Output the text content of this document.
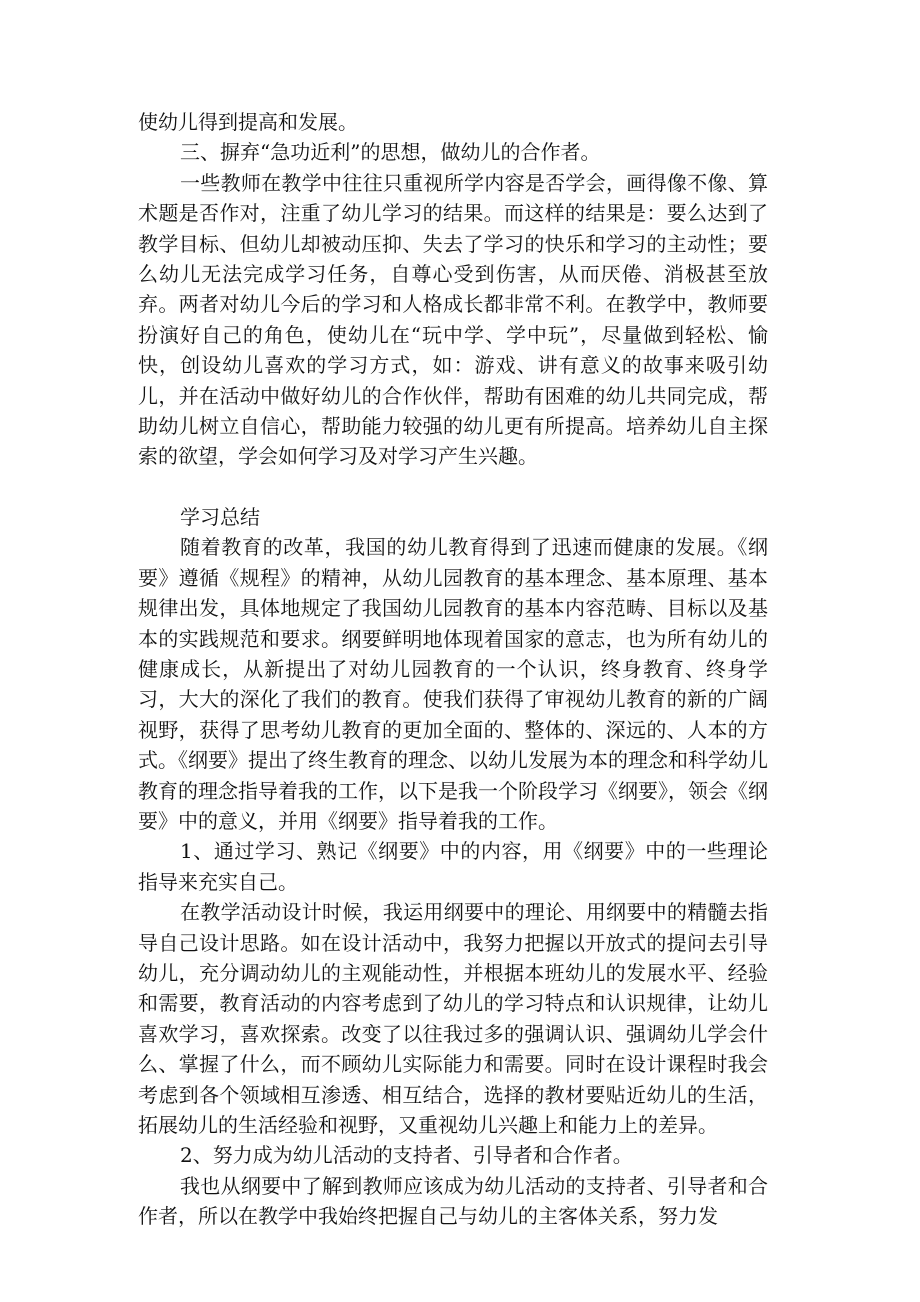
使幼儿得到提高和发展。

三、摒弃“急功近利”的思想，做幼儿的合作者。

一些教师在教学中往往只重视所学内容是否学会，画得像不像、算术题是否作对，注重了幼儿学习的结果。而这样的结果是：要么达到了教学目标、但幼儿却被动压抑、失去了学习的快乐和学习的主动性；要么幼儿无法完成学习任务，自尊心受到伤害，从而厌倦、消极甚至放弃。两者对幼儿今后的学习和人格成长都非常不利。在教学中，教师要扮演好自己的角色，使幼儿在“玩中学、学中玩”，尽量做到轻松、愉快，创设幼儿喜欢的学习方式，如：游戏、讲有意义的故事来吸引幼儿，并在活动中做好幼儿的合作伙伴，帮助有困难的幼儿共同完成，帮助幼儿树立自信心，帮助能力较强的幼儿更有所提高。培养幼儿自主探索的欲望，学会如何学习及对学习产生兴趣。

学习总结

随着教育的改革，我国的幼儿教育得到了迅速而健康的发展。《纲要》遵循《规程》的精神，从幼儿园教育的基本理念、基本原理、基本规律出发，具体地规定了我国幼儿园教育的基本内容范畴、目标以及基本的实践规范和要求。纲要鲜明地体现着国家的意志，也为所有幼儿的健康成长，从新提出了对幼儿园教育的一个认识，终身教育、终身学习，大大的深化了我们的教育。使我们获得了审视幼儿教育的新的广阔视野，获得了思考幼儿教育的更加全面的、整体的、深远的、人本的方式。《纲要》提出了终生教育的理念、以幼儿发展为本的理念和科学幼儿教育的理念指导着我的工作，以下是我一个阶段学习《纲要》，领会《纲要》中的意义，并用《纲要》指导着我的工作。

1、通过学习、熟记《纲要》中的内容，用《纲要》中的一些理论指导来充实自己。

在教学活动设计时候，我运用纲要中的理论、用纲要中的精髓去指导自己设计思路。如在设计活动中，我努力把握以开放式的提问去引导幼儿，充分调动幼儿的主观能动性，并根据本班幼儿的发展水平、经验和需要，教育活动的内容考虑到了幼儿的学习特点和认识规律，让幼儿喜欢学习，喜欢探索。改变了以往我过多的强调认识、强调幼儿学会什么、掌握了什么，而不顾幼儿实际能力和需要。同时在设计课程时我会考虑到各个领域相互渗透、相互结合，选择的教材要贴近幼儿的生活，拓展幼儿的生活经验和视野，又重视幼儿兴趣上和能力上的差异。

2、努力成为幼儿活动的支持者、引导者和合作者。

我也从纲要中了解到教师应该成为幼儿活动的支持者、引导者和合作者，所以在教学中我始终把握自己与幼儿的主客体关系，努力发
